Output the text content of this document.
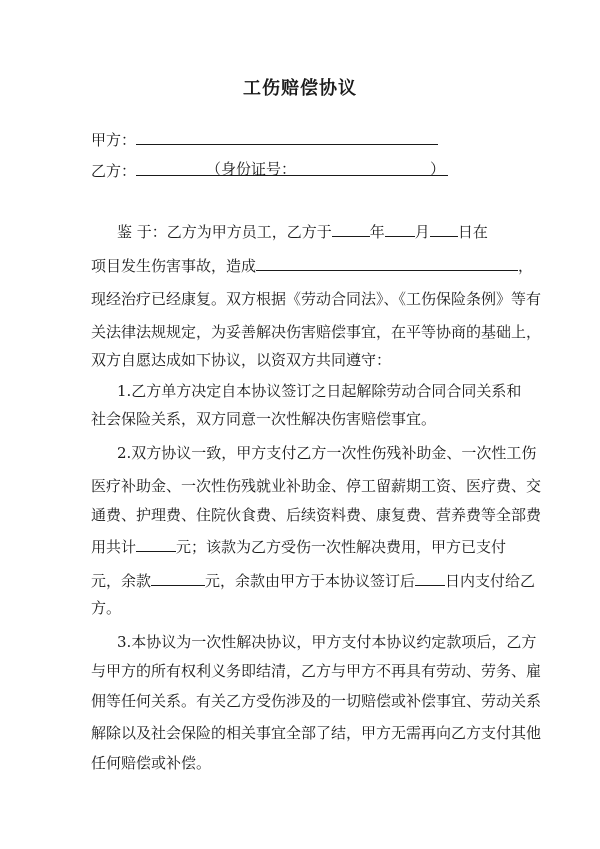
工伤赔偿协议
甲方：
乙方：	（身份证号：	）
鉴 于：乙方为甲方员工，乙方于	年 月 日在
项目发生伤害事故，造成	，
现经治疗已经康复。双方根据《劳动合同法》、《工伤保险条例》等有
关法律法规规定，为妥善解决伤害赔偿事宜，在平等协商的基础上，
双方自愿达成如下协议，以资双方共同遵守：
1.乙方单方决定自本协议签订之日起解除劳动合同合同关系和
社会保险关系，双方同意一次性解决伤害赔偿事宜。
2.双方协议一致，甲方支付乙方一次性伤残补助金、一次性工伤
医疗补助金、一次性伤残就业补助金、停工留薪期工资、医疗费、交
通费、护理费、住院伙食费、后续资料费、康复费、营养费等全部费
用共计	元；该款为乙方受伤一次性解决费用，甲方已支付
元，余款	元，余款由甲方于本协议签订后 日内支付给乙
方。
3.本协议为一次性解决协议，甲方支付本协议约定款项后，乙方
与甲方的所有权利义务即结清，乙方与甲方不再具有劳动、劳务、雇
佣等任何关系。有关乙方受伤涉及的一切赔偿或补偿事宜、劳动关系
解除以及社会保险的相关事宜全部了结，甲方无需再向乙方支付其他
任何赔偿或补偿。
